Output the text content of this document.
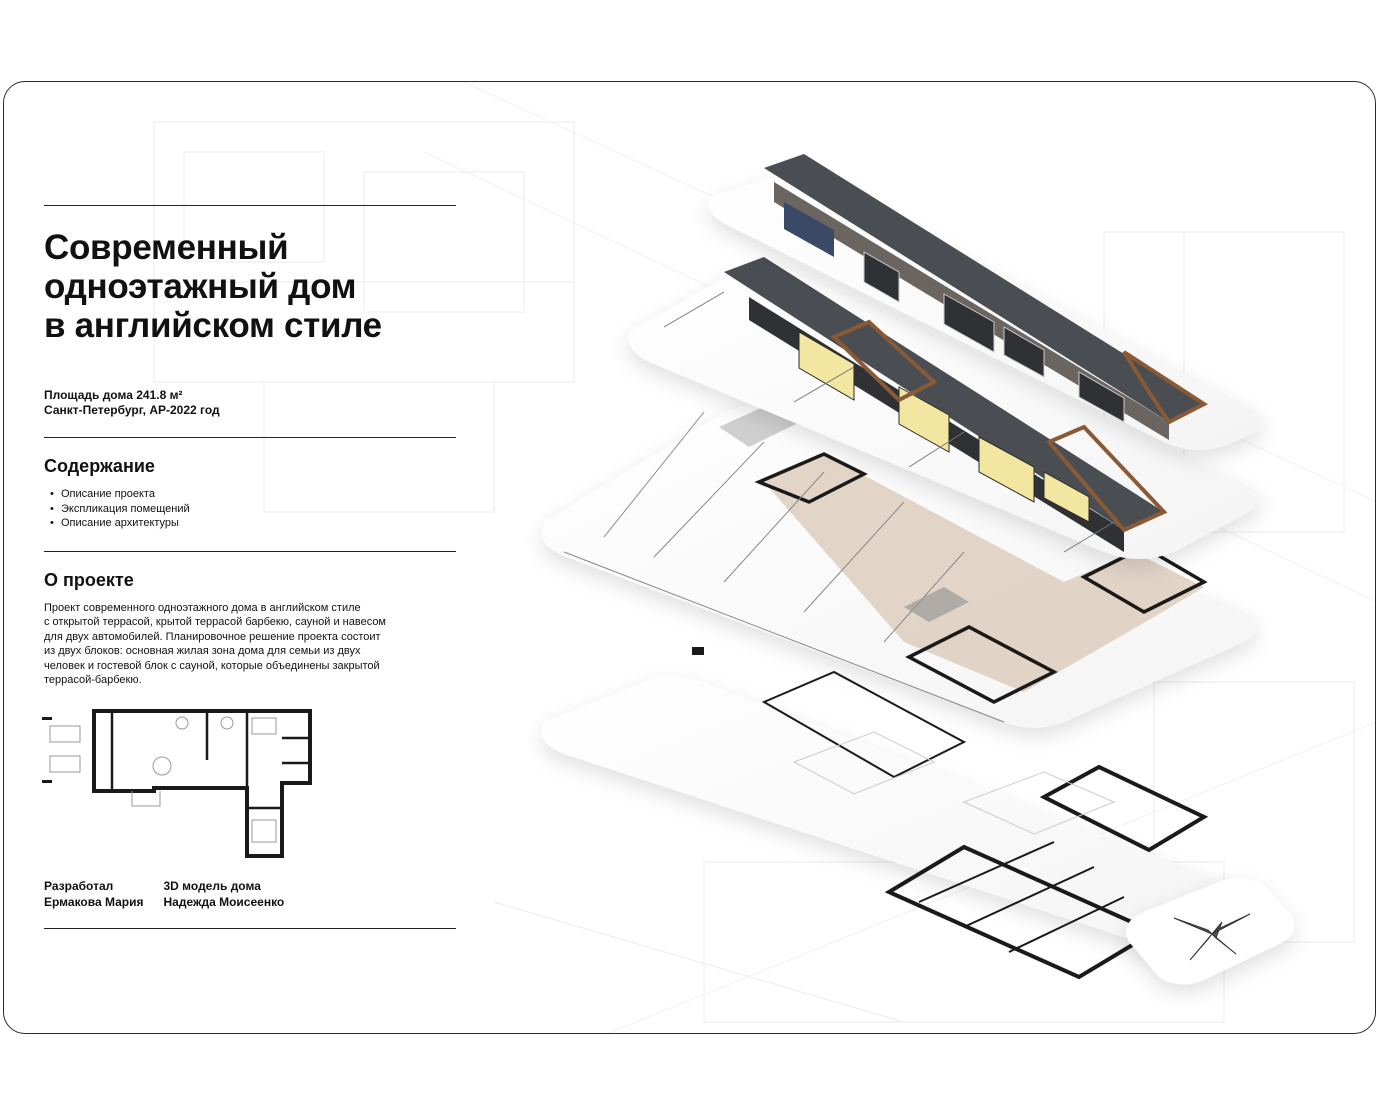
Современный
одноэтажный дом
в английском стиле
Площадь дома 241.8 м²
Санкт-Петербург, АР-2022 год
Содержание
• Описание проекта
• Экспликация помещений
• Описание архитектуры
О проекте

Проект современного одноэтажного дома в английском стиле
с открытой террасой, крытой террасой барбекю, сауной и навесом
для двух автомобилей. Планировочное решение проекта состоит
из двух блоков: основная жилая зона дома для семьи из двух
человек и гостевой блок с сауной, которые объединены закрытой
террасой-барбекю.

Разработал
Ермакова Мария
3D модель дома
Надежда Моисеенко
